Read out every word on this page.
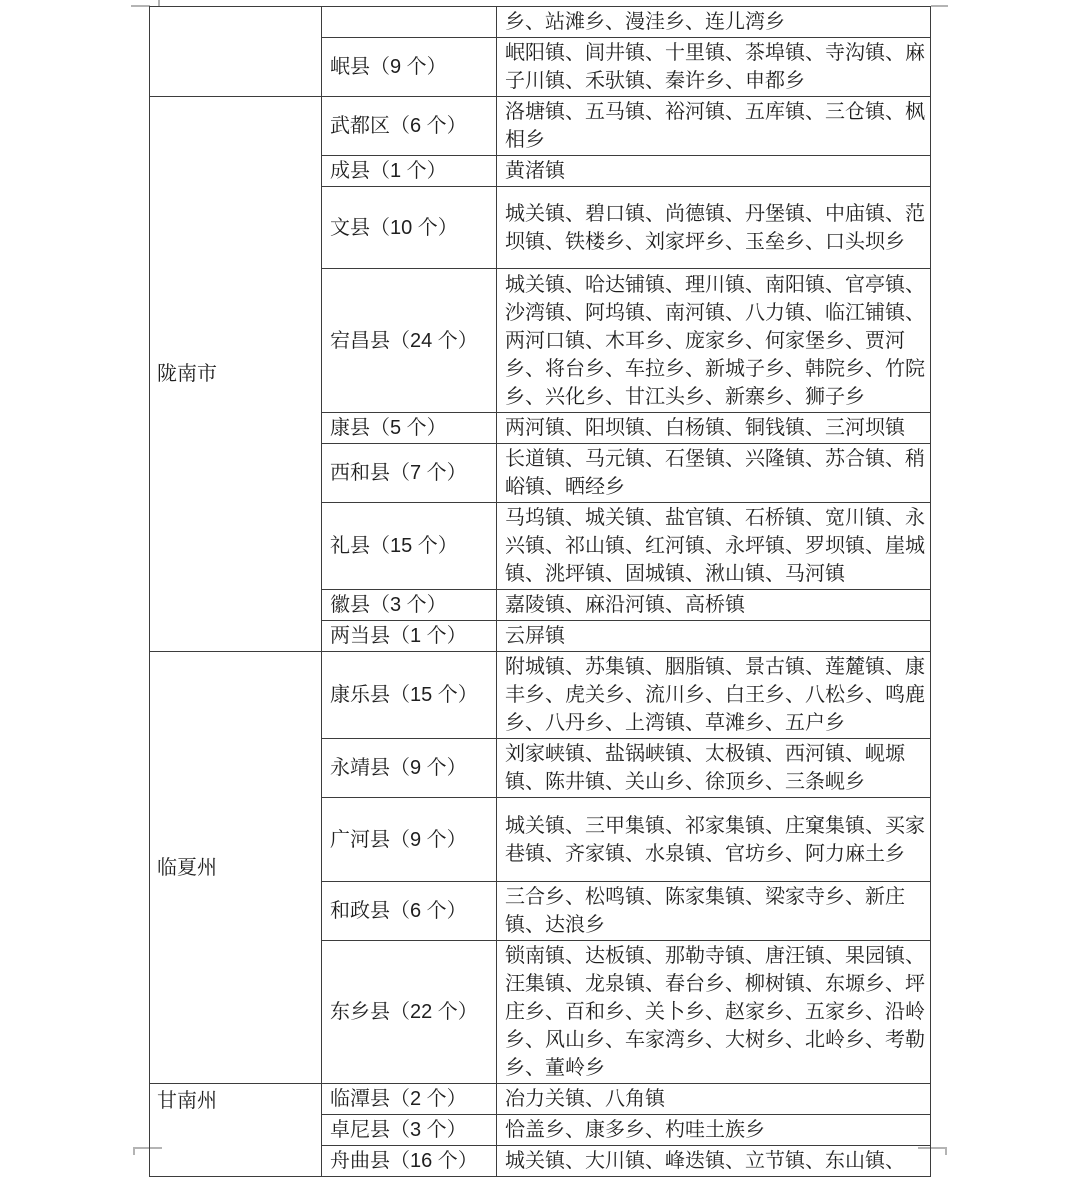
		乡、站滩乡、漫洼乡、连儿湾乡
	岷县（9 个）	岷阳镇、闾井镇、十里镇、茶埠镇、寺沟镇、麻子川镇、禾驮镇、秦许乡、申都乡
陇南市	武都区（6 个）	洛塘镇、五马镇、裕河镇、五库镇、三仓镇、枫相乡
	成县（1 个）	黄渚镇
	文县（10 个）	城关镇、碧口镇、尚德镇、丹堡镇、中庙镇、范坝镇、铁楼乡、刘家坪乡、玉垒乡、口头坝乡
	宕昌县（24 个）	城关镇、哈达铺镇、理川镇、南阳镇、官亭镇、沙湾镇、阿坞镇、南河镇、八力镇、临江铺镇、两河口镇、木耳乡、庞家乡、何家堡乡、贾河乡、将台乡、车拉乡、新城子乡、韩院乡、竹院乡、兴化乡、甘江头乡、新寨乡、狮子乡
	康县（5 个）	两河镇、阳坝镇、白杨镇、铜钱镇、三河坝镇
	西和县（7 个）	长道镇、马元镇、石堡镇、兴隆镇、苏合镇、稍峪镇、晒经乡
	礼县（15 个）	马坞镇、城关镇、盐官镇、石桥镇、宽川镇、永兴镇、祁山镇、红河镇、永坪镇、罗坝镇、崖城镇、洮坪镇、固城镇、湫山镇、马河镇
	徽县（3 个）	嘉陵镇、麻沿河镇、高桥镇
	两当县（1 个）	云屏镇
临夏州	康乐县（15 个）	附城镇、苏集镇、胭脂镇、景古镇、莲麓镇、康丰乡、虎关乡、流川乡、白王乡、八松乡、鸣鹿乡、八丹乡、上湾镇、草滩乡、五户乡
	永靖县（9 个）	刘家峡镇、盐锅峡镇、太极镇、西河镇、岘塬镇、陈井镇、关山乡、徐顶乡、三条岘乡
	广河县（9 个）	城关镇、三甲集镇、祁家集镇、庄窠集镇、买家巷镇、齐家镇、水泉镇、官坊乡、阿力麻土乡
	和政县（6 个）	三合乡、松鸣镇、陈家集镇、梁家寺乡、新庄镇、达浪乡
	东乡县（22 个）	锁南镇、达板镇、那勒寺镇、唐汪镇、果园镇、汪集镇、龙泉镇、春台乡、柳树镇、东塬乡、坪庄乡、百和乡、关卜乡、赵家乡、五家乡、沿岭乡、风山乡、车家湾乡、大树乡、北岭乡、考勒乡、董岭乡
甘南州	临潭县（2 个）	冶力关镇、八角镇
	卓尼县（3 个）	恰盖乡、康多乡、杓哇土族乡
	舟曲县（16 个）	城关镇、大川镇、峰迭镇、立节镇、东山镇、
